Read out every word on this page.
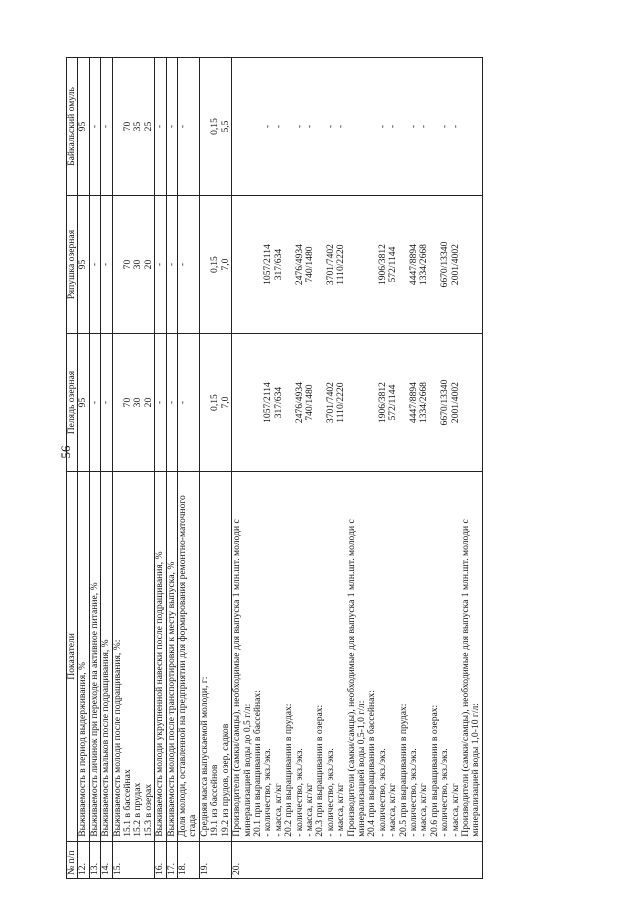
56
№ п/п	Показатели	Пелядь озерная	Ряпушка озерная	Байкальский омуль
12.	Выживаемость в период выдерживания, %	95	95	95
13.	Выживаемость личинок при переходе на активное питание, %	-	-	-
14.	Выживаемость мальков после подращивания, %	-	-	-
15.	Выживаемость молоди после подращивания, %:			
	15.1 в бассейнах	70	70	70
	15.2 в прудах	30	30	35
	15.3 в озерах	20	20	25
16.	Выживаемость молоди укрупненной навески после подращивания, %	-	-	-
17.	Выживаемость молоди после транспортировки к месту выпуска, %	-	-	-
18.	Доля молоди, оставленной на предприятии для формирования ремонтно-маточного стада	-	-	-
19.	Средняя масса выпускаемой молоди, г:			
	19.1 из бассейнов	0,15	0,15	0,15
	19.2 из прудов, озер, садков	7,0	7,0	5,5
20.	Производители (самки/самцы), необходимые для выпуска 1 млн.шт. молоди с минерализацией воды до 0,5 г/л:			
	20.1 при выращивании в бассейнах:			
	- количество, экз./экз.	1057/2114	1057/2114	-
	- масса, кг/кг	317/634	317/634	-
	20.2 при выращивании в прудах:			
	- количество, экз./экз.	2476/4934	2476/4934	-
	- масса, кг/кг	740/1480	740/1480	-
	20.3 при выращивании в озерах:			
	- количество, экз./экз.	3701/7402	3701/7402	-
	- масса, кг/кг	1110/2220	1110/2220	-
	Производители (самки/самцы), необходимые для выпуска 1 млн.шт. молоди с минерализацией воды 0,5-1,0 г/л:			
	20.4 при выращивании в бассейнах:			
	- количество, экз./экз.	1906/3812	1906/3812	-
	- масса, кг/кг	572/1144	572/1144	-
	20.5 при выращивании в прудах:			
	- количество, экз./экз.	4447/8894	4447/8894	-
	- масса, кг/кг	1334/2668	1334/2668	-
	20.6 при выращивании в озерах:			
	- количество, экз./экз.	6670/13340	6670/13340	-
	- масса, кг/кг	2001/4002	2001/4002	-
	Производители (самки/самцы), необходимые для выпуска 1 млн.шт. молоди с минерализацией воды 1,0-10 г/л:			
